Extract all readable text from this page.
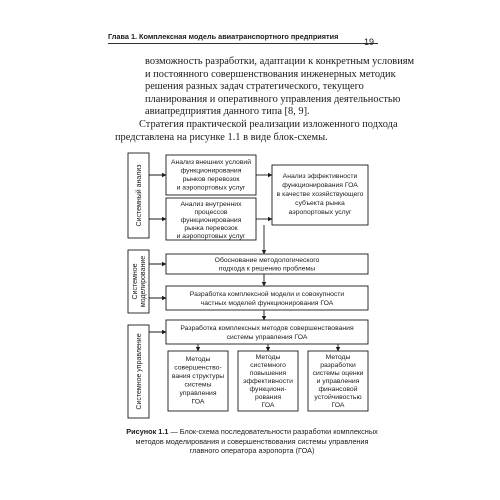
Глава 1. Комплексная модель авиатранспортного предприятия
19

возможность разработки, адаптации к конкретным условиям
и постоянного совершенствования инженерных методик
решения разных задач стратегического, текущего
планирования и оперативного управления деятельностью
авиапредприятия данного типа [8, 9].

Стратегия практической реализации изложенного подхода
представлена на рисунке 1.1 в виде блок-схемы.

Системный анализ
Системное моделирование
Системное управление
Анализ внешних условий
функционирования
рынков перевозок
и аэропортовых услуг
Анализ внутренних
процессов
функционирования
рынка перевозок
и аэропортовых услуг
Анализ эффективности
функционирования ГОА
в качестве хозяйствующего
субъекта рынка
аэропортовых услуг
Обоснование методологического
подхода к решению проблемы
Разработка комплексной модели и совокупности
частных моделей функционирования ГОА
Разработка комплексных методов совершенствования
системы управления ГОА
Методы
совершенство-
вания структуры
системы
управления
ГОА
Методы
системного
повышения
эффективности
функциони-
рования
ГОА
Методы
разработки
системы оценки
и управления
финансовой
устойчивостью
ГОА
Рисунок 1.1 — Блок-схема последовательности разработки комплексных методов моделирования и совершенствования системы управления главного оператора аэропорта (ГОА)
